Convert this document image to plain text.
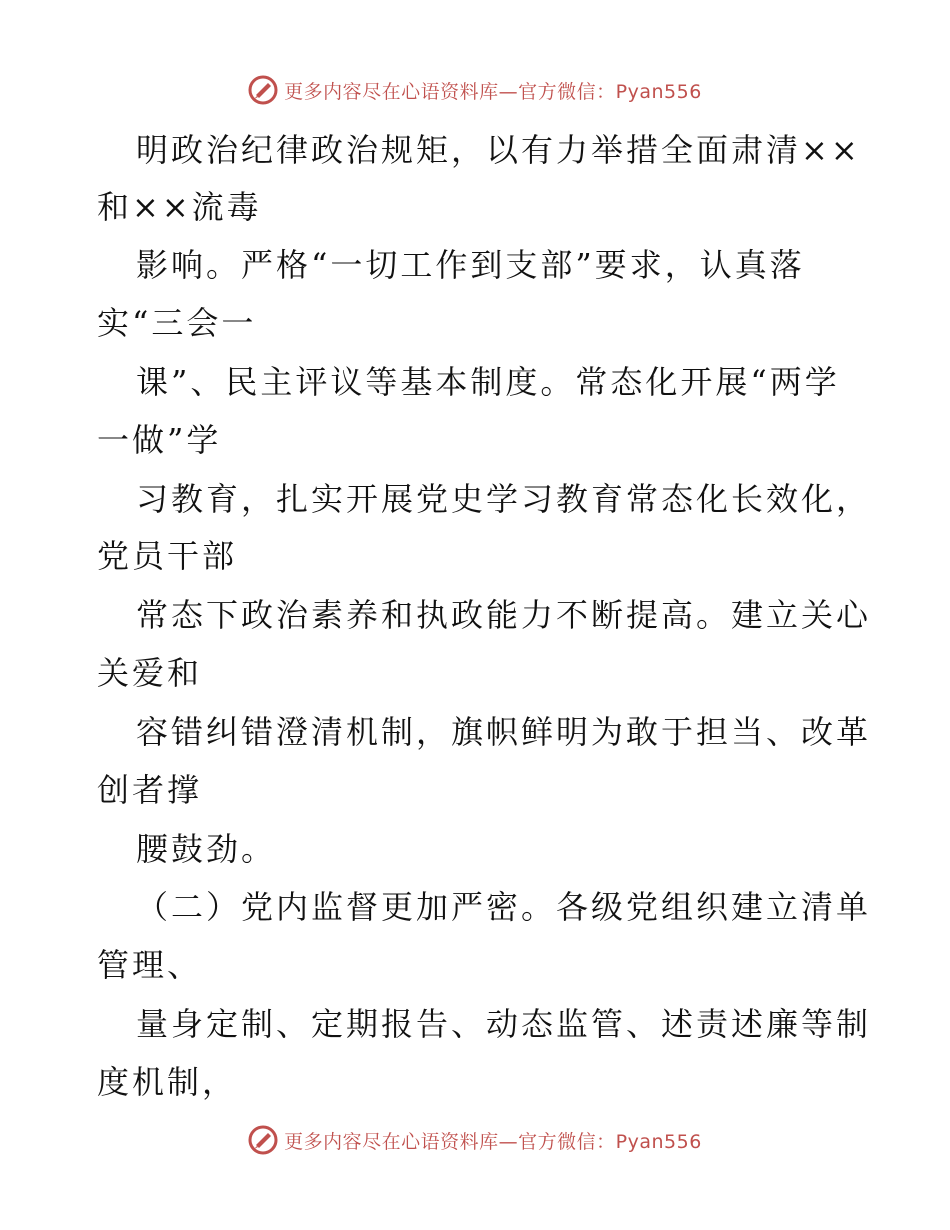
更多内容尽在心语资料库—官方微信：Pyan556
明政治纪律政治规矩，以有力举措全面肃清××
和××流毒
影响。严格“一切工作到支部”要求，认真落
实“三会一
课”、民主评议等基本制度。常态化开展“两学
一做”学
习教育，扎实开展党史学习教育常态化长效化，
党员干部
常态下政治素养和执政能力不断提高。建立关心
关爱和
容错纠错澄清机制，旗帜鲜明为敢于担当、改革
创者撑
腰鼓劲。
（二）党内监督更加严密。各级党组织建立清单
管理、
量身定制、定期报告、动态监管、述责述廉等制
度机制，
更多内容尽在心语资料库—官方微信：Pyan556
